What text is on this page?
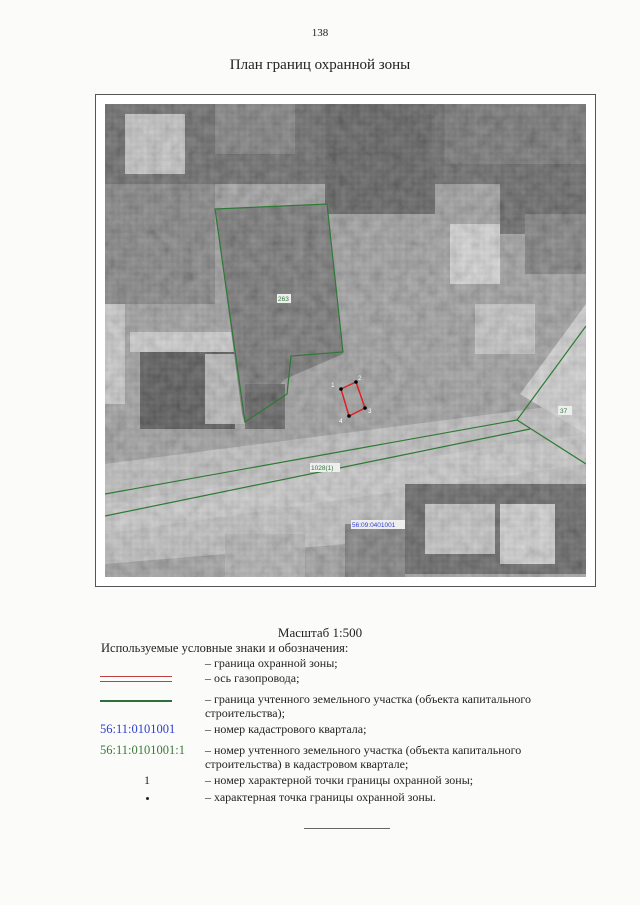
138
План границ охранной зоны
1
2
3
4
263
37
1028(1)
56:09:0401001
Масштаб 1:500
Используемые условные знаки и обозначения:
– граница охранной зоны;
– ось газопровода;
– граница учтенного земельного участка (объекта капитального строительства);
56:11:0101001 – номер кадастрового квартала;
56:11:0101001:1 – номер учтенного земельного участка (объекта капитального строительства) в кадастровом квартале;
1	– номер характерной точки границы охранной зоны;
– характерная точка границы охранной зоны.
